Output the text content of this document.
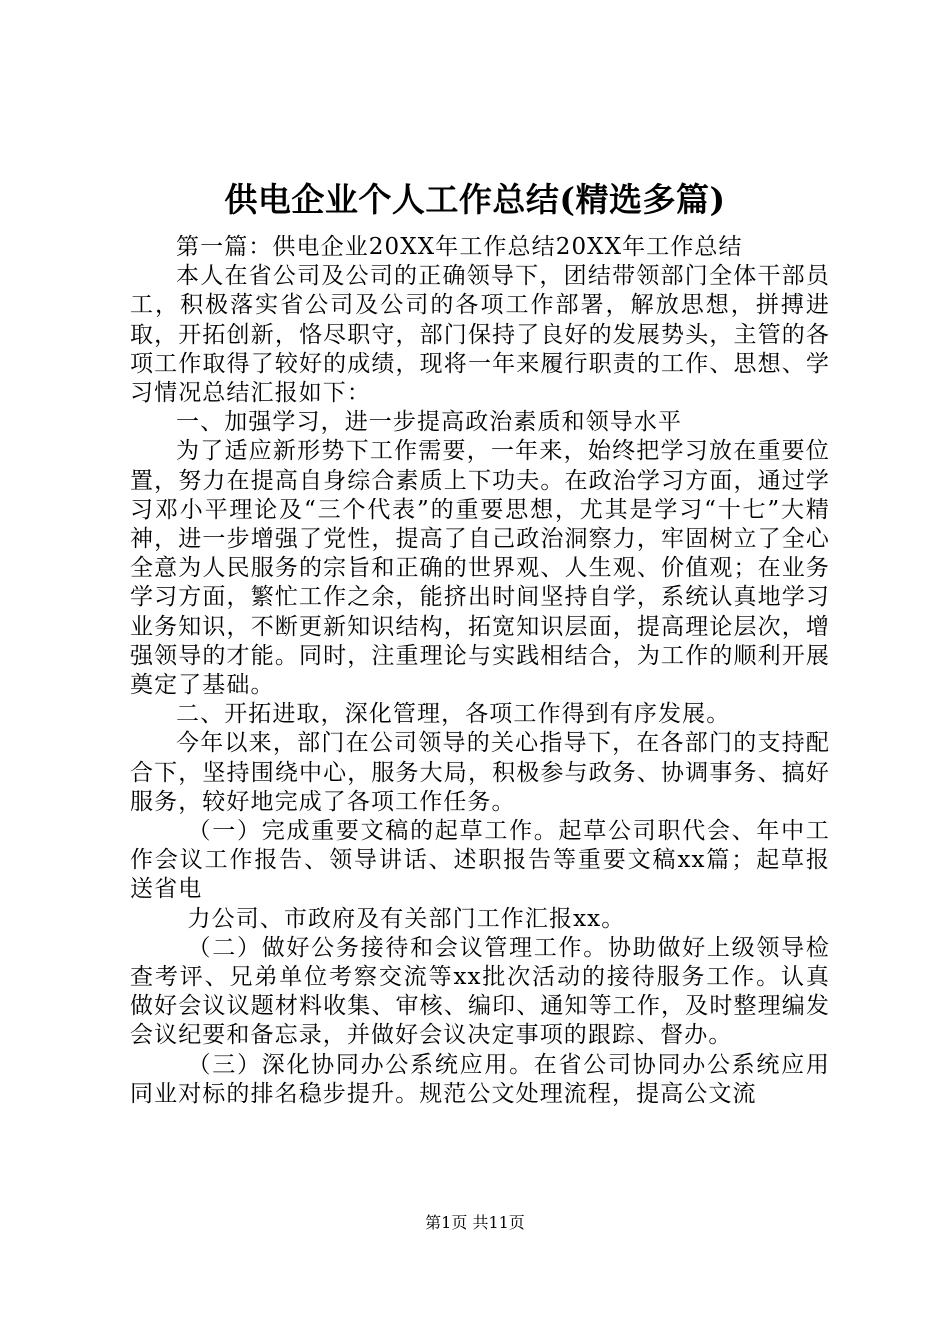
供电企业个人工作总结(精选多篇)

第一篇：供电企业20XX年工作总结20XX年工作总结

本人在省公司及公司的正确领导下，团结带领部门全体干部员工，积极落实省公司及公司的各项工作部署，解放思想，拼搏进取，开拓创新，恪尽职守，部门保持了良好的发展势头，主管的各项工作取得了较好的成绩，现将一年来履行职责的工作、思想、学习情况总结汇报如下：

一、加强学习，进一步提高政治素质和领导水平

为了适应新形势下工作需要，一年来，始终把学习放在重要位置，努力在提高自身综合素质上下功夫。在政治学习方面，通过学习邓小平理论及“三个代表”的重要思想，尤其是学习“十七”大精神，进一步增强了党性，提高了自己政治洞察力，牢固树立了全心全意为人民服务的宗旨和正确的世界观、人生观、价值观；在业务学习方面，繁忙工作之余，能挤出时间坚持自学，系统认真地学习业务知识，不断更新知识结构，拓宽知识层面，提高理论层次，增强领导的才能。同时，注重理论与实践相结合，为工作的顺利开展奠定了基础。

二、开拓进取，深化管理，各项工作得到有序发展。

今年以来，部门在公司领导的关心指导下，在各部门的支持配合下，坚持围绕中心，服务大局，积极参与政务、协调事务、搞好服务，较好地完成了各项工作任务。

（一）完成重要文稿的起草工作。起草公司职代会、年中工作会议工作报告、领导讲话、述职报告等重要文稿xx篇；起草报送省电

力公司、市政府及有关部门工作汇报xx。

（二）做好公务接待和会议管理工作。协助做好上级领导检查考评、兄弟单位考察交流等xx批次活动的接待服务工作。认真做好会议议题材料收集、审核、编印、通知等工作，及时整理编发会议纪要和备忘录，并做好会议决定事项的跟踪、督办。

（三）深化协同办公系统应用。在省公司协同办公系统应用同业对标的排名稳步提升。规范公文处理流程，提高公文流

第1页 共11页
